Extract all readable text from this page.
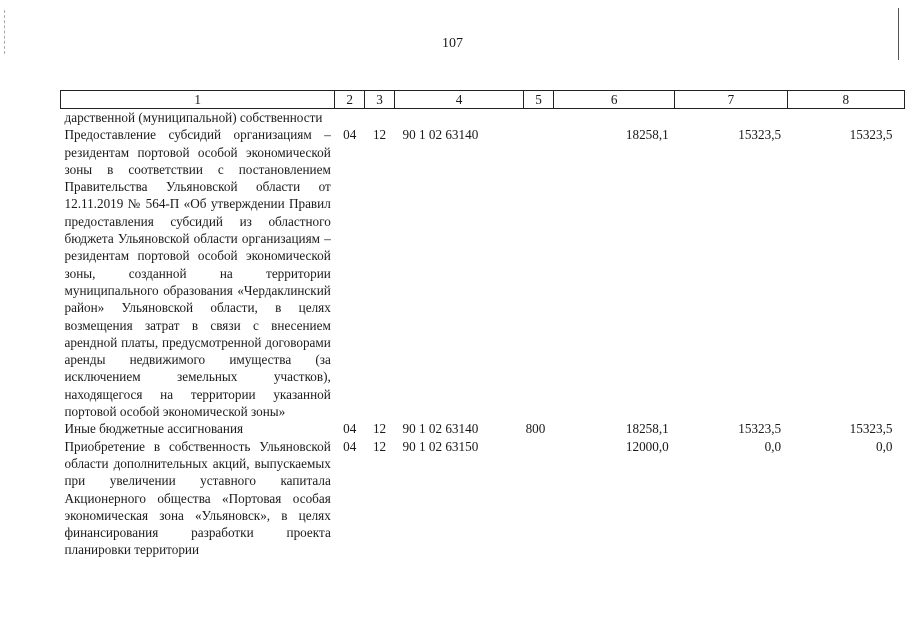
107
1	2	3	4	5	6	7	8
дарственной (муниципальной) собственности							
Предоставление субсидий организациям – резидентам портовой особой экономической зоны в соответствии с постановлением Правительства Ульяновской области от 12.11.2019 № 564-П «Об утверждении Правил предоставления субсидий из областного бюджета Ульяновской области организациям – резидентам портовой особой экономической зоны, созданной на территории муниципального образования «Чердаклинский район» Ульяновской области, в целях возмещения затрат в связи с внесением арендной платы, предусмотренной договорами аренды недвижимого имущества (за исключением земельных участков), находящегося на территории указанной портовой особой экономической зоны»	04	12	90 1 02 63140		18258,1	15323,5	15323,5
Иные бюджетные ассигнования	04	12	90 1 02 63140	800	18258,1	15323,5	15323,5
Приобретение в собственность Ульяновской области дополнительных акций, выпускаемых при увеличении уставного капитала Акционерного общества «Портовая особая экономическая зона «Ульяновск», в целях финансирования разработки проекта планировки территории	04	12	90 1 02 63150		12000,0	0,0	0,0
